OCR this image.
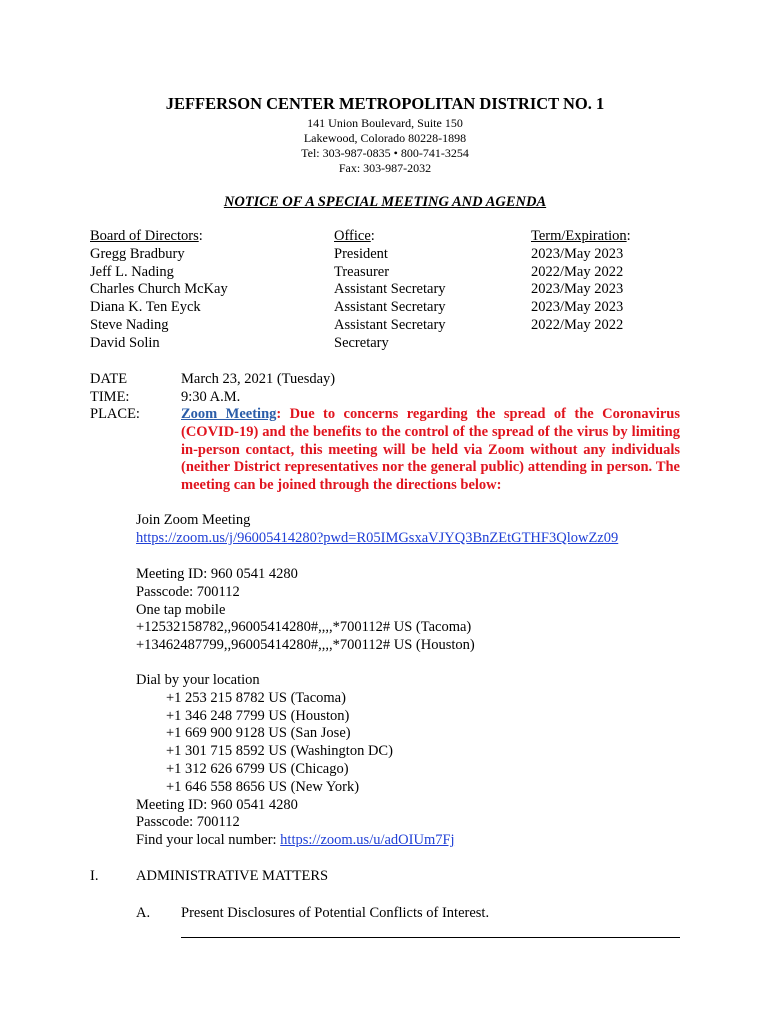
JEFFERSON CENTER METROPOLITAN DISTRICT NO. 1
141 Union Boulevard, Suite 150
Lakewood, Colorado 80228-1898
Tel: 303-987-0835 • 800-741-3254
Fax: 303-987-2032
NOTICE OF A SPECIAL MEETING AND AGENDA
Board of Directors:
Gregg Bradbury
Jeff L. Nading
Charles Church McKay
Diana K. Ten Eyck
Steve Nading
David Solin
Office:
President
Treasurer
Assistant Secretary
Assistant Secretary
Assistant Secretary
Secretary
Term/Expiration:
2023/May 2023
2022/May 2022
2023/May 2023
2023/May 2023
2022/May 2022
DATE
TIME:
PLACE:
March 23, 2021 (Tuesday)
9:30 A.M.
Zoom Meeting: Due to concerns regarding the spread of the Coronavirus (COVID-19) and the benefits to the control of the spread of the virus by limiting in-person contact, this meeting will be held via Zoom without any individuals (neither District representatives nor the general public) attending in person. The meeting can be joined through the directions below:
Join Zoom Meeting
https://zoom.us/j/96005414280?pwd=R05IMGsxaVJYQ3BnZEtGTHF3QlowZz09
Meeting ID: 960 0541 4280
Passcode: 700112
One tap mobile
+12532158782,,96005414280#,,,,*700112# US (Tacoma)
+13462487799,,96005414280#,,,,*700112# US (Houston)
Dial by your location
+1 253 215 8782 US (Tacoma)
+1 346 248 7799 US (Houston)
+1 669 900 9128 US (San Jose)
+1 301 715 8592 US (Washington DC)
+1 312 626 6799 US (Chicago)
+1 646 558 8656 US (New York)
Meeting ID: 960 0541 4280
Passcode: 700112
Find your local number: https://zoom.us/u/adOIUm7Fj
I.	ADMINISTRATIVE MATTERS
A. Present Disclosures of Potential Conflicts of Interest.
